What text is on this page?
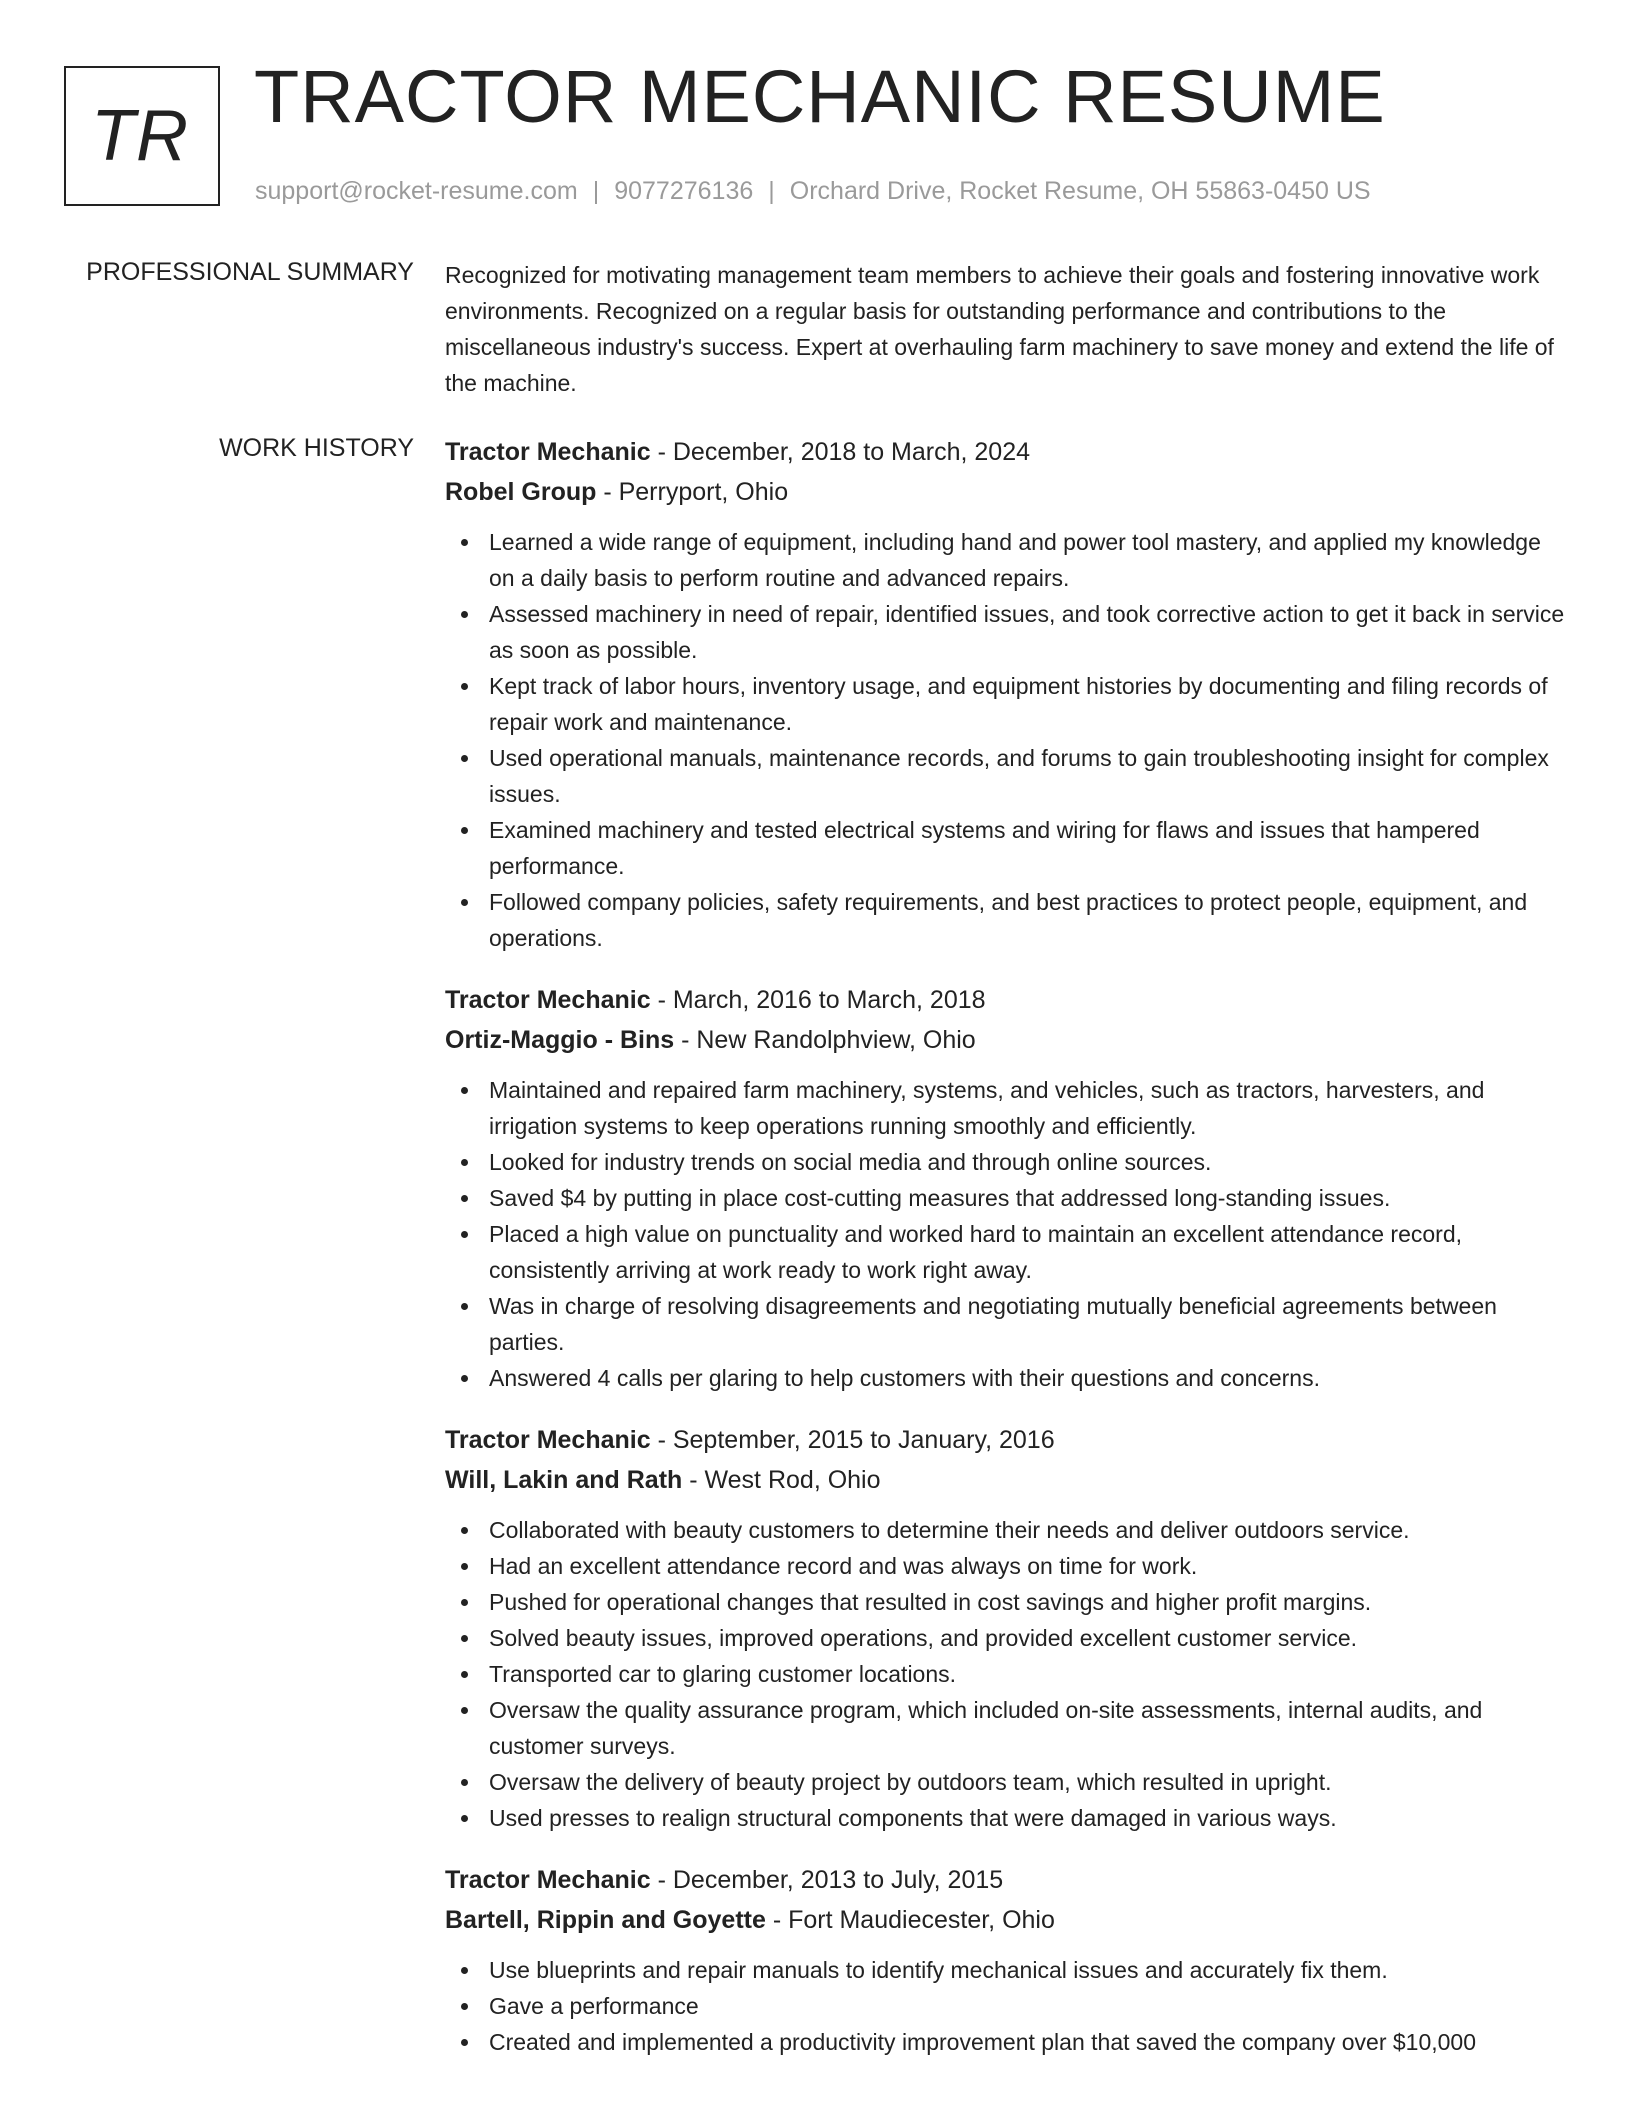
TR TRACTOR MECHANIC RESUME
support@rocket-resume.com | 9077276136 | Orchard Drive, Rocket Resume, OH 55863-0450 US
PROFESSIONAL SUMMARY Recognized for motivating management team members to achieve their goals and fostering innovative work environments. Recognized on a regular basis for outstanding performance and contributions to the miscellaneous industry's success. Expert at overhauling farm machinery to save money and extend the life of the machine.

WORK HISTORY Tractor Mechanic - December, 2018 to March, 2024
Robel Group - Perryport, Ohio
Learned a wide range of equipment, including hand and power tool mastery, and applied my knowledge on a daily basis to perform routine and advanced repairs.
Assessed machinery in need of repair, identified issues, and took corrective action to get it back in service as soon as possible.
Kept track of labor hours, inventory usage, and equipment histories by documenting and filing records of repair work and maintenance.
Used operational manuals, maintenance records, and forums to gain troubleshooting insight for complex issues.
Examined machinery and tested electrical systems and wiring for flaws and issues that hampered performance.
Followed company policies, safety requirements, and best practices to protect people, equipment, and operations.
Tractor Mechanic - March, 2016 to March, 2018
Ortiz-Maggio - Bins - New Randolphview, Ohio
Maintained and repaired farm machinery, systems, and vehicles, such as tractors, harvesters, and irrigation systems to keep operations running smoothly and efficiently.
Looked for industry trends on social media and through online sources.
Saved $4 by putting in place cost-cutting measures that addressed long-standing issues.
Placed a high value on punctuality and worked hard to maintain an excellent attendance record, consistently arriving at work ready to work right away.
Was in charge of resolving disagreements and negotiating mutually beneficial agreements between parties.
Answered 4 calls per glaring to help customers with their questions and concerns.
Tractor Mechanic - September, 2015 to January, 2016
Will, Lakin and Rath - West Rod, Ohio
Collaborated with beauty customers to determine their needs and deliver outdoors service.
Had an excellent attendance record and was always on time for work.
Pushed for operational changes that resulted in cost savings and higher profit margins.
Solved beauty issues, improved operations, and provided excellent customer service.
Transported car to glaring customer locations.
Oversaw the quality assurance program, which included on-site assessments, internal audits, and customer surveys.
Oversaw the delivery of beauty project by outdoors team, which resulted in upright.
Used presses to realign structural components that were damaged in various ways.
Tractor Mechanic - December, 2013 to July, 2015
Bartell, Rippin and Goyette - Fort Maudiecester, Ohio
Use blueprints and repair manuals to identify mechanical issues and accurately fix them.
Gave a performance
Created and implemented a productivity improvement plan that saved the company over $10,000
